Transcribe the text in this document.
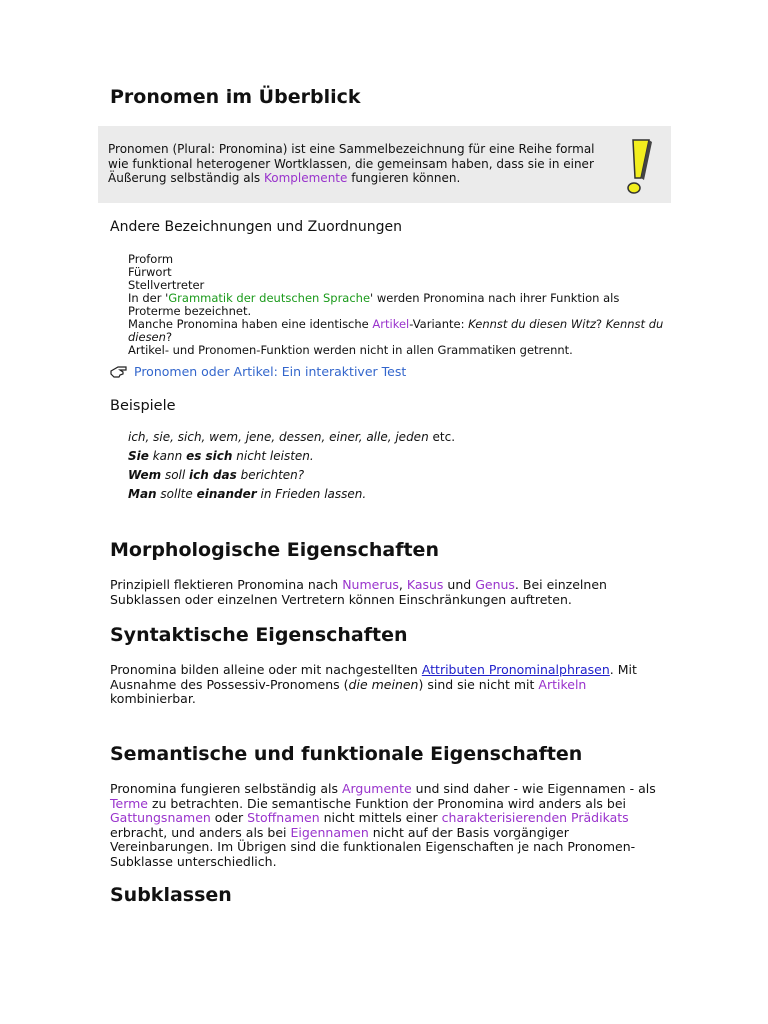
Pronomen im Überblick

Pronomen (Plural: Pronomina) ist eine Sammelbezeichnung für eine Reihe formal wie funktional heterogener Wortklassen, die gemeinsam haben, dass sie in einer Äußerung selbständig als Komplemente fungieren können.

Andere Bezeichnungen und Zuordnungen
Proform
Fürwort
Stellvertreter
In der 'Grammatik der deutschen Sprache' werden Pronomina nach ihrer Funktion als Proterme bezeichnet.
Manche Pronomina haben eine identische Artikel-Variante: Kennst du diesen Witz? Kennst du diesen?
Artikel- und Pronomen-Funktion werden nicht in allen Grammatiken getrennt.
Pronomen oder Artikel: Ein interaktiver Test
Beispiele
ich, sie, sich, wem, jene, dessen, einer, alle, jeden etc.
Sie kann es sich nicht leisten.
Wem soll ich das berichten?
Man sollte einander in Frieden lassen.
Morphologische Eigenschaften

Prinzipiell flektieren Pronomina nach Numerus, Kasus und Genus. Bei einzelnen Subklassen oder einzelnen Vertretern können Einschränkungen auftreten.

Syntaktische Eigenschaften

Pronomina bilden alleine oder mit nachgestellten Attributen Pronominalphrasen. Mit Ausnahme des Possessiv-Pronomens (die meinen) sind sie nicht mit Artikeln kombinierbar.

Semantische und funktionale Eigenschaften

Pronomina fungieren selbständig als Argumente und sind daher - wie Eigennamen - als Terme zu betrachten. Die semantische Funktion der Pronomina wird anders als bei Gattungsnamen oder Stoffnamen nicht mittels einer charakterisierenden Prädikats erbracht, und anders als bei Eigennamen nicht auf der Basis vorgängiger Vereinbarungen. Im Übrigen sind die funktionalen Eigenschaften je nach Pronomen-Subklasse unterschiedlich.

Subklassen
